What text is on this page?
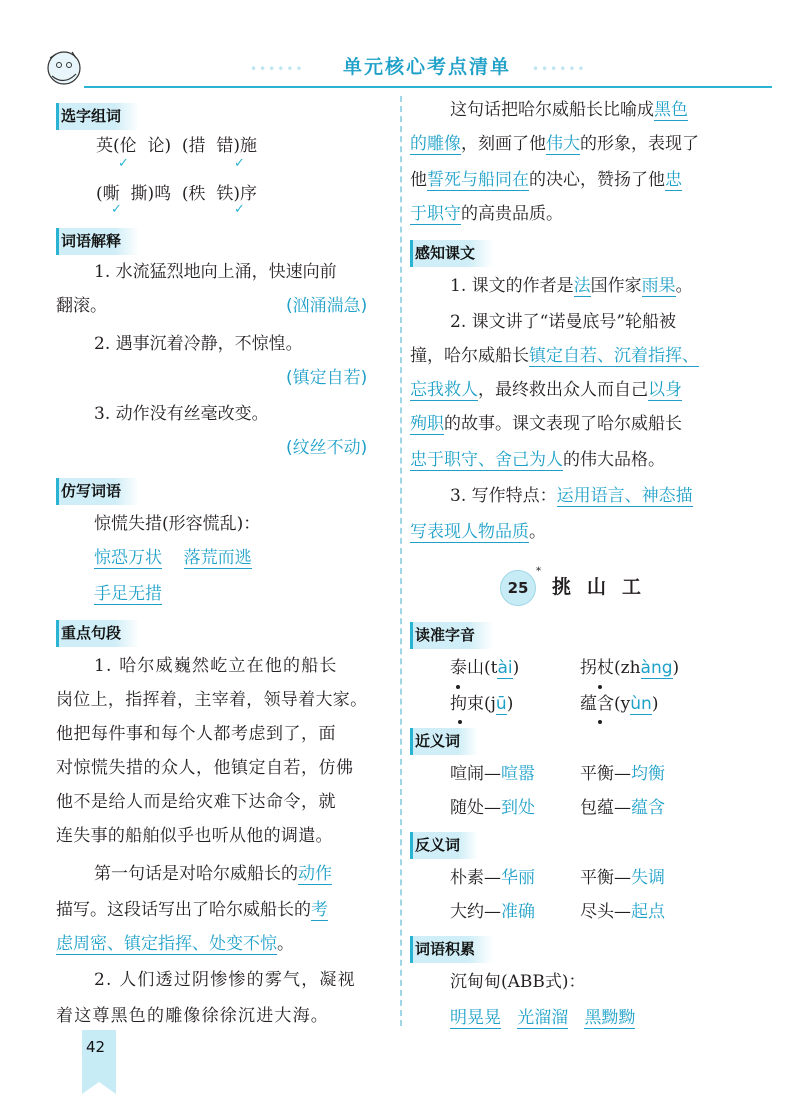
••••••	单元核心考点清单	••••••
选字组词
英(伦  论)  (措  错)施
✓	✓
(嘶  撕)鸣  (秩  铁)序
✓	✓
词语解释
1. 水流猛烈地向上涌，快速向前
翻滚。	(汹涌湍急)
2. 遇事沉着冷静，不惊惶。
(镇定自若)
3. 动作没有丝毫改变。
(纹丝不动)
仿写词语
惊慌失措(形容慌乱)：
惊恐万状 落荒而逃
手足无措
重点句段
1. 哈尔威巍然屹立在他的船长
岗位上，指挥着，主宰着，领导着大家。
他把每件事和每个人都考虑到了，面
对惊慌失措的众人，他镇定自若，仿佛
他不是给人而是给灾难下达命令，就
连失事的船舶似乎也听从他的调遣。
第一句话是对哈尔威船长的动作
描写。这段话写出了哈尔威船长的考
虑周密、镇定指挥、处变不惊。
2. 人们透过阴惨惨的雾气，凝视
着这尊黑色的雕像徐徐沉进大海。
这句话把哈尔威船长比喻成黑色
的雕像，刻画了他伟大的形象，表现了
他誓死与船同在的决心，赞扬了他忠
于职守的高贵品质。
感知课文
1. 课文的作者是法国作家雨果。
2. 课文讲了“诺曼底号”轮船被
撞，哈尔威船长镇定自若、沉着指挥、
忘我救人，最终救出众人而自己以身
殉职的故事。课文表现了哈尔威船长
忠于职守、舍己为人的伟大品格。
3. 写作特点：运用语言、神态描
写表现人物品质。
25
*
挑山工
读准字音
泰山(tài)	拐杖(zhàng)
拘束(jū)	蕴含(yùn)
近义词
喧闹—喧嚣	平衡—均衡
随处—到处	包蕴—蕴含
反义词
朴素—华丽	平衡—失调
大约—准确	尽头—起点
词语积累
沉甸甸(ABB式)：
明晃晃 光溜溜 黑黝黝
42
